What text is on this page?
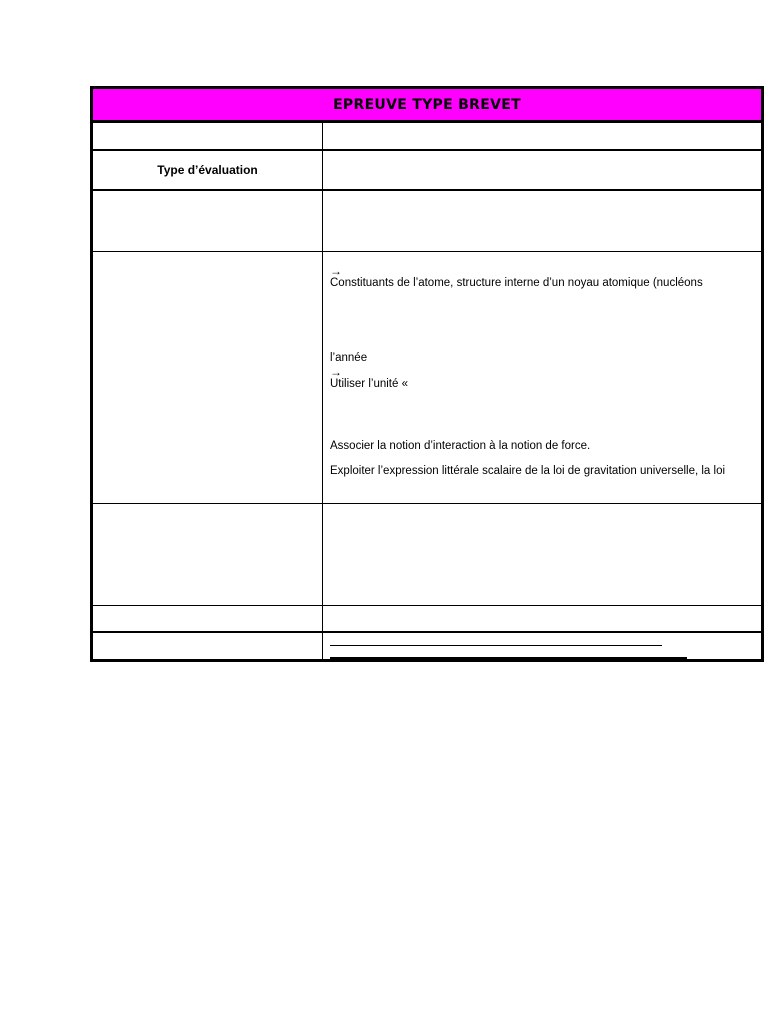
EPREUVE TYPE BREVET
Type d’évaluation
→
Constituants de l’atome, structure interne d’un noyau atomique (nucléons
l’année
→
Utiliser l’unité «
Associer la notion d’interaction à la notion de force.
Exploiter l’expression littérale scalaire de la loi de gravitation universelle, la loi
